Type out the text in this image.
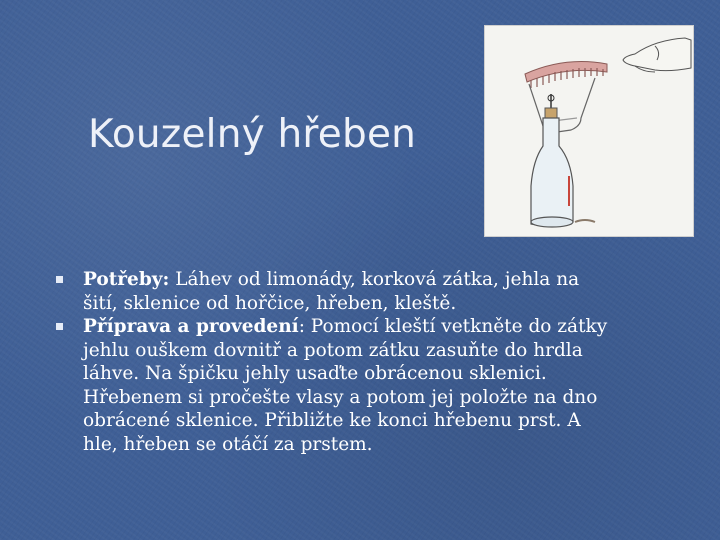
Kouzelný hřeben
Potřeby: Láhev od limonády, korková zátka, jehla na šití, sklenice od hořčice, hřeben, kleště.
Příprava a provedení: Pomocí kleští vetkněte do zátky jehlu ouškem dovnitř a potom zátku zasuňte do hrdla láhve. Na špičku jehly usaďte obrácenou sklenici. Hřebenem si pročešte vlasy a potom jej položte na dno obrácené sklenice. Přibližte ke konci hřebenu prst. A hle, hřeben se otáčí za prstem.
